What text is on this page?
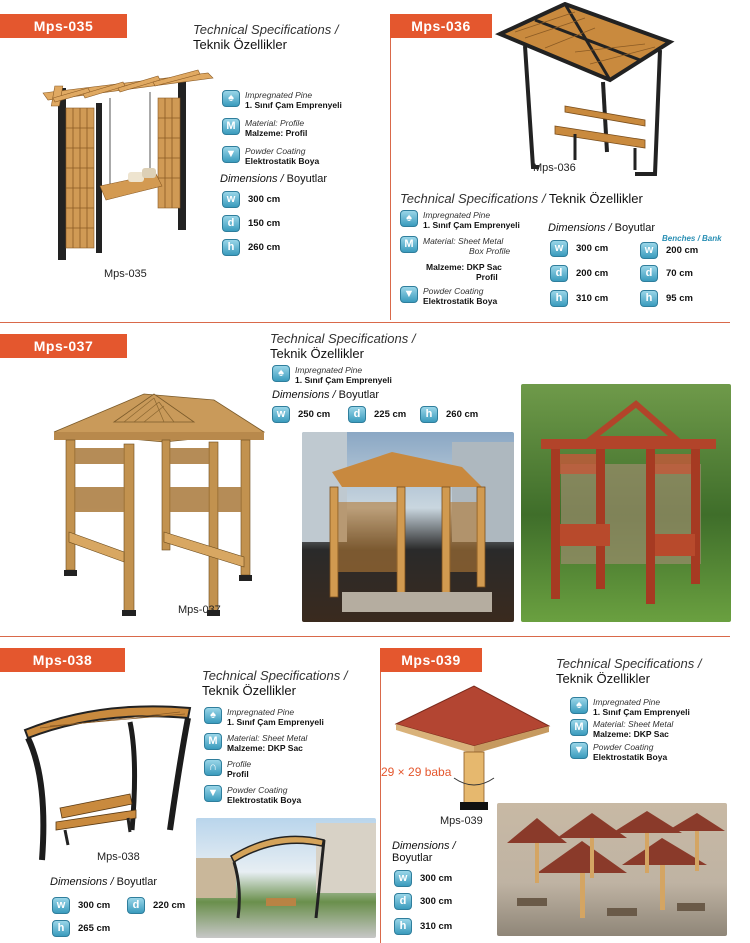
Mps-035	Technical Specifications /
Teknik Özellikler
Mps-035
♠	Impregnated Pine
1. Sınıf Çam Emprenyeli
M	Material: Profile
Malzeme: Profil
▼	Powder Coating
Elektrostatik Boya
Dimensions / Boyutlar
w	300 cm
d	150 cm
h	260 cm
Mps-036
Mps-036
Technical Specifications / Teknik Özellikler
♠	Impregnated Pine
1. Sınıf Çam Emprenyeli
M	Material: Sheet Metal
Box Profile
Malzeme: DKP Sac
Profil
▼	Powder Coating
Elektrostatik Boya
Dimensions / Boyutlar
Benches / Bank
w	300 cm
d	200 cm
h	310 cm
w	200 cm
d	70 cm
h	95 cm
Mps-037	Technical Specifications /
Teknik Özellikler
♠	Impregnated Pine
1. Sınıf Çam Emprenyeli
Dimensions / Boyutlar
w	250 cm	d	225 cm	h	260 cm
Mps-037
Mps-038
Technical Specifications /
Teknik Özellikler
♠	Impregnated Pine
1. Sınıf Çam Emprenyeli
M	Material: Sheet Metal
Malzeme: DKP Sac
∩	Profile
Profil
▼	Powder Coating
Elektrostatik Boya
Mps-038
Dimensions / Boyutlar
w	300 cm	d	220 cm
h	265 cm
Mps-039	Technical Specifications /
Teknik Özellikler
♠	Impregnated Pine
1. Sınıf Çam Emprenyeli
M	Material: Sheet Metal
Malzeme: DKP Sac
▼	Powder Coating
Elektrostatik Boya
29 × 29 baba
Mps-039
Dimensions /
Boyutlar
w	300 cm
d	300 cm
h	310 cm
